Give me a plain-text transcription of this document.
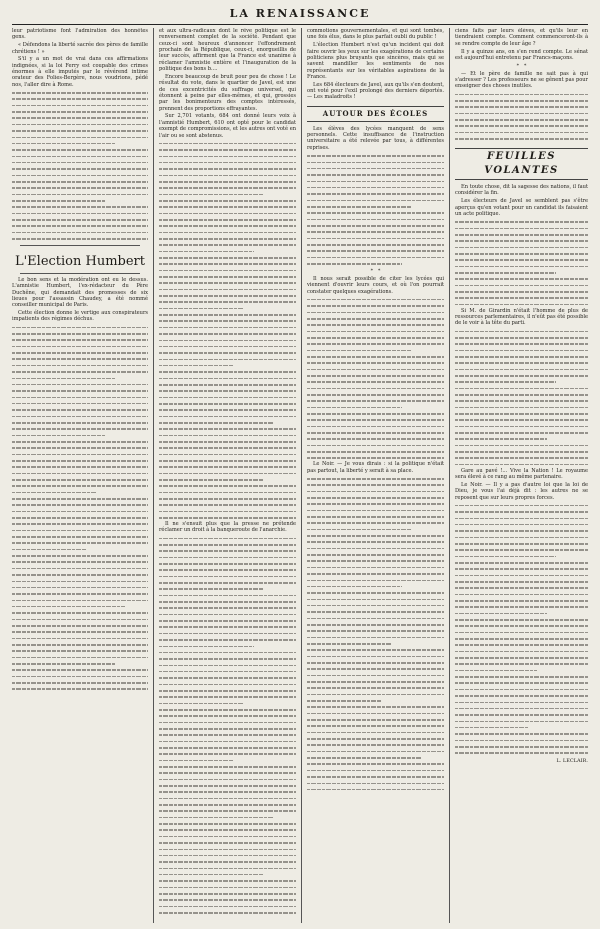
LA RENAISSANCE

leur patriotisme font l'admiration des honnêtes gens.

« Défendons la liberté sacrée des pères de famille chrétiens ! »

S'il y a un mot de vrai dans ces affirmations indignées, si la loi Ferry est coupable des crimes énormes à elle imputés par le révérend intime orateur des Folies-Bergère, nous voudrions, pédé nos, l'aller dire à Rome.

L'Election Humbert

Le bon sens et la modération ont eu le dessus. L'amnistie Humbert, l'ex-rédacteur du Père Duchêne, qui demandait des promesses de six lieues pour l'assassin Chaudey, a été nommé conseiller municipal de Paris.

Cette élection donne le vertige aux conspirateurs impatients des régimes déchus.

et aux ultra-radicaux dont le rêve politique est le renversement complet de la société. Pendant que ceux-ci sont heureux d'annoncer l'effondrement prochain de la République, ceux-ci, enorgueillis de leur succès, affirment que la France est unanime à réclamer l'amnistie entière et l'inauguration de la politique des bons b....

Encore beaucoup de bruit pour peu de chose ! Le résultat du vote, dans le quartier de Javel, est une de ces excentricités du suffrage universel, qui étonnent à peine par elles-mêmes, et qui, grossies par les bonimenteurs des comptes intéressés, prennent des proportions effrayantes.

Sur 2,701 votants, 684 ont donné leurs voix à l'amnistié Humbert, 610 ont opté pour le candidat exempt de compromissions, et les autres ont voté en l'air ou se sont abstenus.

Il ne s'ensuit plus que la presse ne prétende réclamer un droit à la banqueroute de l'anarchie.

commotions gouvernementales, et qui sont tombés, une fois élus, dans le plus parfait oubli du public !

L'élection Humbert n'est qu'un incident qui doit faire ouvrir les yeux sur les exagérations de certains politiciens plus bruyants que sincères, mais qui se savent mandiller les sentiments de nos représentants sur les véritables aspirations de la France.

Les 684 électeurs de Javel, aux qu'ils s'en doutent, ont voté pour l'exil prolongé des derniers déportés. — Les maladroits !

AUTOUR DES ÉCOLES

Les élèves des lycées manquent de sens personnels. Cette insuffisance de l'instruction universitaire a été relevée par tous, à différentes reprises.

*   *

Il nous serait possible de citer les lycées qui viennent d'ouvrir leurs cours, et où l'on pourrait constater quelques exagérations.

Le Noir. — Je vous dirais : si la politique n'était pas partout, la liberté y serait à sa place.

ciens faits par leurs élèves, et qu'ils leur en tiendraient compte. Comment commenceront-ils à se rendre compte de leur âge ?

Il y a quinze ans, on s'en rend compte. Le sénat est aujourd'hui entretenu par Francs-maçons.

*   *

— Et le père de famille ne sait pas à qui s'adresser ? Les professeurs ne se gênent pas pour enseigner des choses inutiles.

FEUILLES VOLANTES

En toute chose, dit la sagesse des nations, il faut considérer la fin.

Les électeurs de Javel se semblent pas s'être aperçus qu'en votant pour un candidat ils faisaient un acte politique.

Si M. de Girardin n'était l'homme de plus de ressources parlementaires, il n'eût pas été possible de le voir à la tête du parti.

Gare au pavé !... Vive la Nation ! Le royaume sera élevé à ce rang au même partenaire.

Le Noir. — Il y a pas d'autre loi que la loi de Dieu, je vous l'ai déjà dit : les autres ne se reposent que sur leurs propres forces.

L. LECLAIR.
